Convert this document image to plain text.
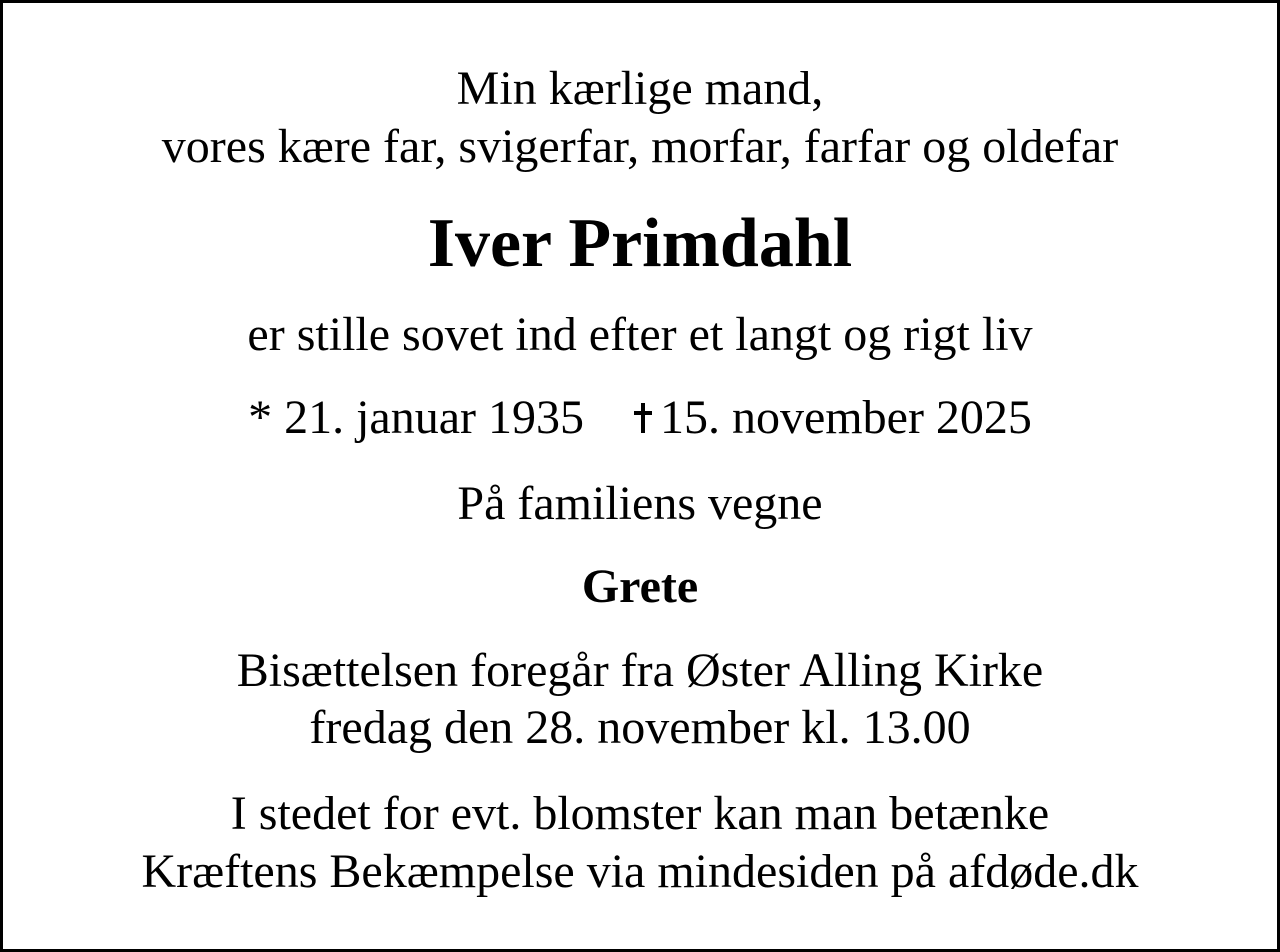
Min kærlige mand,

vores kære far, svigerfar, morfar, farfar og oldefar

Iver Primdahl

er stille sovet ind efter et langt og rigt liv

* 21. januar 1935 15. november 2025

På familiens vegne

Grete

Bisættelsen foregår fra Øster Alling Kirke

fredag den 28. november kl. 13.00

I stedet for evt. blomster kan man betænke

Kræftens Bekæmpelse via mindesiden på afdøde.dk
